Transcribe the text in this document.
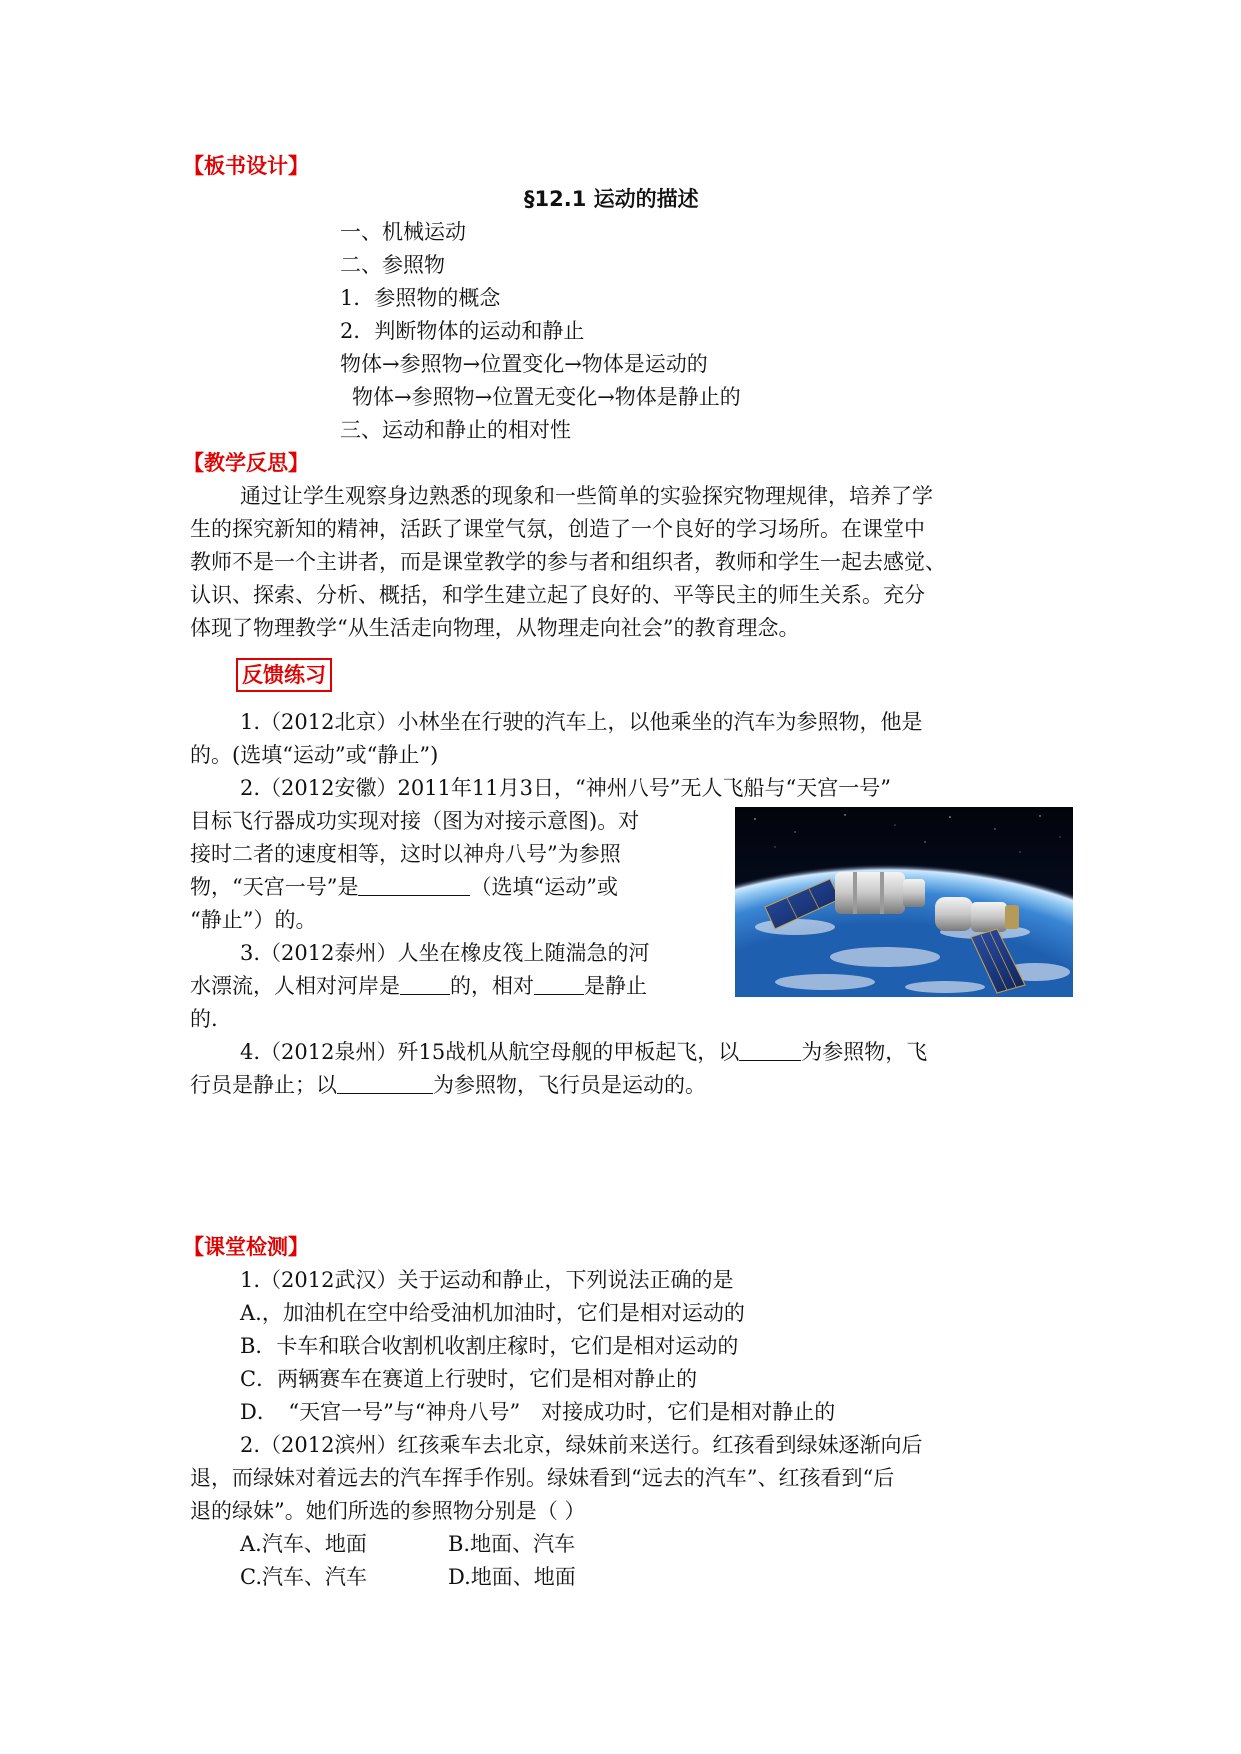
【板书设计】
§12.1 运动的描述
一、机械运动
二、参照物
1．参照物的概念
2．判断物体的运动和静止
物体→参照物→位置变化→物体是运动的
物体→参照物→位置无变化→物体是静止的
三、运动和静止的相对性
【教学反思】
通过让学生观察身边熟悉的现象和一些简单的实验探究物理规律，培养了学
生的探究新知的精神，活跃了课堂气氛，创造了一个良好的学习场所。在课堂中
教师不是一个主讲者，而是课堂教学的参与者和组织者，教师和学生一起去感觉、
认识、探索、分析、概括，和学生建立起了良好的、平等民主的师生关系。充分
体现了物理教学“从生活走向物理，从物理走向社会”的教育理念。
反馈练习
1.（2012北京）小林坐在行驶的汽车上，以他乘坐的汽车为参照物，他是
的。(选填“运动”或“静止”)
2.（2012安徽）2011年11月3日，“神州八号”无人飞船与“天宫一号”
目标飞行器成功实现对接（图为对接示意图)。对
接时二者的速度相等，这时以神舟八号”为参照
物，“天宫一号”是	（选填“运动”或
“静止”）的。
3.（2012泰州）人坐在橡皮筏上随湍急的河
水漂流，人相对河岸是 的，相对 是静止
的.
4.（2012泉州）歼15战机从航空母舰的甲板起飞，以	为参照物，飞
行员是静止；以	为参照物，飞行员是运动的。
【课堂检测】
1.（2012武汉）关于运动和静止，下列说法正确的是
A.，加油机在空中给受油机加油时，它们是相对运动的
B．卡车和联合收割机收割庄稼时，它们是相对运动的
C．两辆赛车在赛道上行驶时，它们是相对静止的
D．　“天宫一号”与“神舟八号”　对接成功时，它们是相对静止的
2.（2012滨州）红孩乘车去北京，绿妹前来送行。红孩看到绿妹逐渐向后
退，而绿妹对着远去的汽车挥手作别。绿妹看到“远去的汽车”、红孩看到“后
退的绿妹”。她们所选的参照物分别是（ ）
A.汽车、地面	B.地面、汽车
C.汽车、汽车	D.地面、地面
